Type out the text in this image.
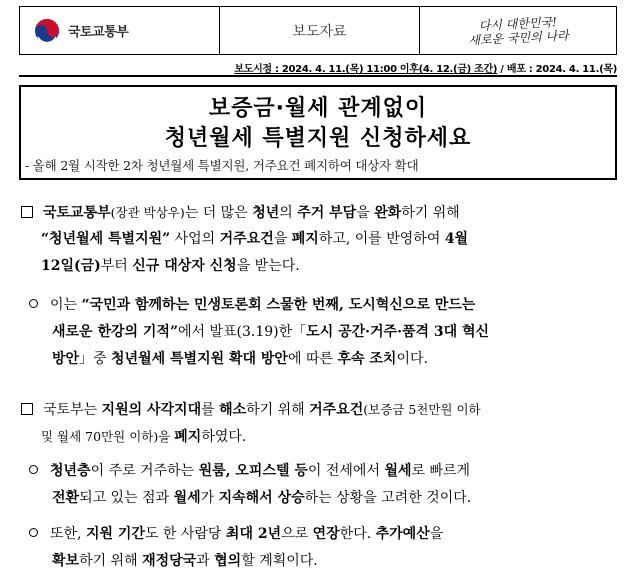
국토교통부	보도자료	다시 대한민국!
새로운 국민의 나라
보도시점 : 2024. 4. 11.(목) 11:00 이후(4. 12.(금) 조간) / 배포 : 2024. 4. 11.(목)
보증금·월세 관계없이
청년월세 특별지원 신청하세요
- 올해 2월 시작한 2차 청년월세 특별지원, 거주요건 폐지하여 대상자 확대
국토교통부(장관 박상우)는 더 많은 청년의 주거 부담을 완화하기 위해
“청년월세 특별지원” 사업의 거주요건을 폐지하고, 이를 반영하여 4월
12일(금)부터 신규 대상자 신청을 받는다.
이는 “국민과 함께하는 민생토론회 스물한 번째, 도시혁신으로 만드는
새로운 한강의 기적”에서 발표(3.19)한「도시 공간·거주·품격 3대 혁신
방안」중 청년월세 특별지원 확대 방안에 따른 후속 조치이다.
국토부는 지원의 사각지대를 해소하기 위해 거주요건(보증금 5천만원 이하
및 월세 70만원 이하)을 폐지하였다.
청년층이 주로 거주하는 원룸, 오피스텔 등이 전세에서 월세로 빠르게
전환되고 있는 점과 월세가 지속해서 상승하는 상황을 고려한 것이다.
또한, 지원 기간도 한 사람당 최대 2년으로 연장한다. 추가예산을
확보하기 위해 재정당국과 협의할 계획이다.
